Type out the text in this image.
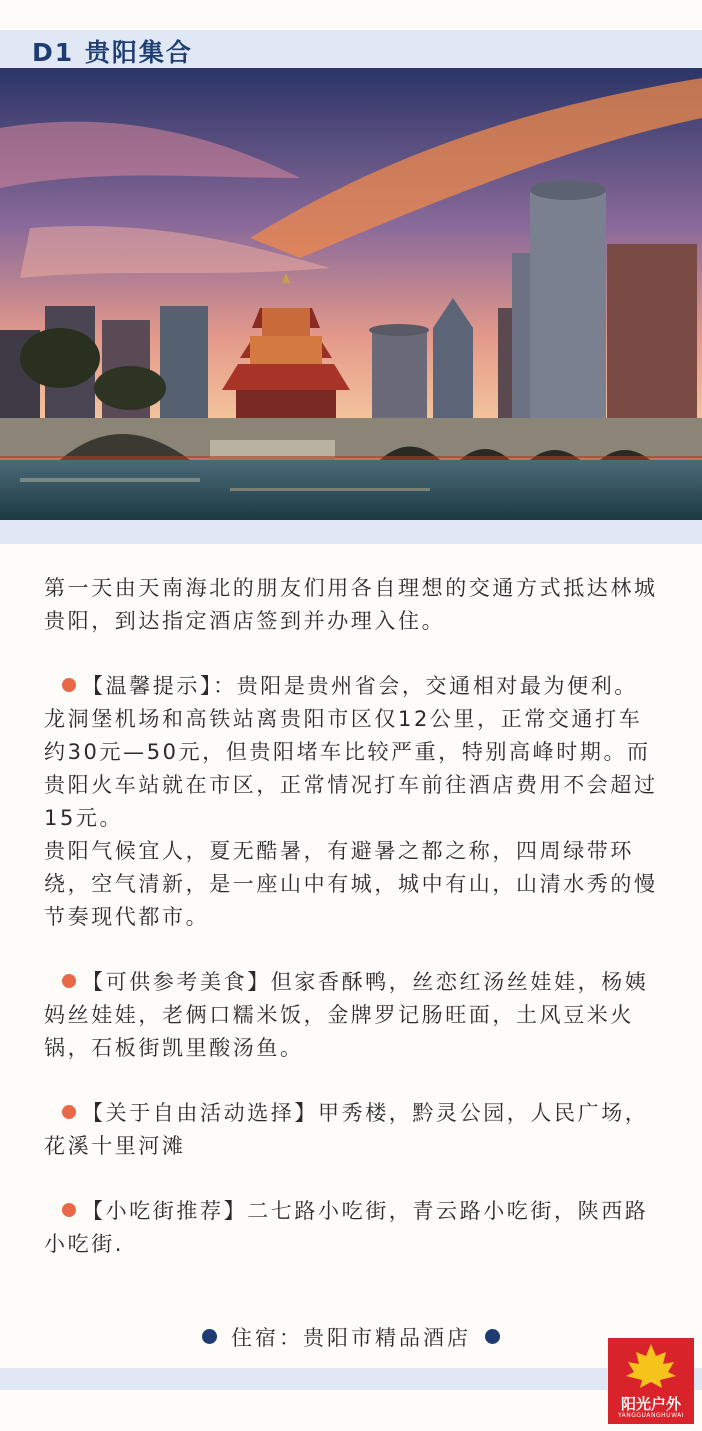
D1 贵阳集合

第一天由天南海北的朋友们用各自理想的交通方式抵达林城贵阳，到达指定酒店签到并办理入住。

【温馨提示】：贵阳是贵州省会，交通相对最为便利。龙洞堡机场和高铁站离贵阳市区仅12公里，正常交通打车约30元—50元，但贵阳堵车比较严重，特别高峰时期。而贵阳火车站就在市区，正常情况打车前往酒店费用不会超过15元。

贵阳气候宜人，夏无酷暑，有避暑之都之称，四周绿带环绕，空气清新，是一座山中有城，城中有山，山清水秀的慢节奏现代都市。

【可供参考美食】但家香酥鸭，丝恋红汤丝娃娃，杨姨妈丝娃娃，老俩口糯米饭，金牌罗记肠旺面，土风豆米火锅，石板街凯里酸汤鱼。

【关于自由活动选择】甲秀楼，黔灵公园，人民广场，花溪十里河滩

【小吃街推荐】二七路小吃街，青云路小吃街，陕西路小吃街.

住宿：贵阳市精品酒店
阳光户外
YANGGUANGHUWAI
